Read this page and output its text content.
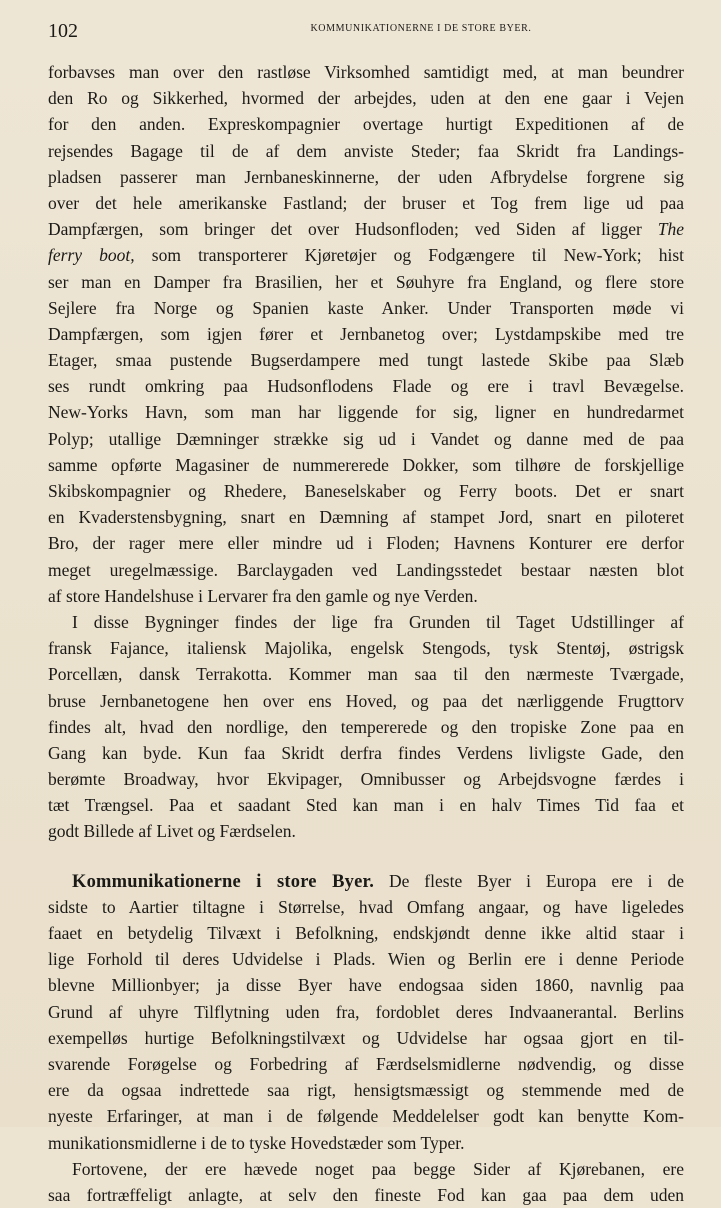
102	KOMMUNIKATIONERNE I DE STORE BYER.
forbavses man over den rastløse Virksomhed samtidigt med, at man beundrer
den Ro og Sikkerhed, hvormed der arbejdes, uden at den ene gaar i Vejen
for den anden. Expreskompagnier overtage hurtigt Expeditionen af de
rejsendes Bagage til de af dem anviste Steder; faa Skridt fra Landings-
pladsen passerer man Jernbaneskinnerne, der uden Afbrydelse forgrene sig
over det hele amerikanske Fastland; der bruser et Tog frem lige ud paa
Dampfærgen, som bringer det over Hudsonfloden; ved Siden af ligger The
ferry boot, som transporterer Kjøretøjer og Fodgængere til New-York; hist
ser man en Damper fra Brasilien, her et Søuhyre fra England, og flere store
Sejlere fra Norge og Spanien kaste Anker. Under Transporten møde vi
Dampfærgen, som igjen fører et Jernbanetog over; Lystdampskibe med tre
Etager, smaa pustende Bugserdampere med tungt lastede Skibe paa Slæb
ses rundt omkring paa Hudsonflodens Flade og ere i travl Bevægelse.
New-Yorks Havn, som man har liggende for sig, ligner en hundredarmet
Polyp; utallige Dæmninger strække sig ud i Vandet og danne med de paa
samme opførte Magasiner de nummererede Dokker, som tilhøre de forskjellige
Skibskompagnier og Rhedere, Baneselskaber og Ferry boots. Det er snart
en Kvaderstensbygning, snart en Dæmning af stampet Jord, snart en piloteret
Bro, der rager mere eller mindre ud i Floden; Havnens Konturer ere derfor
meget uregelmæssige. Barclaygaden ved Landingsstedet bestaar næsten blot
af store Handelshuse i Lervarer fra den gamle og nye Verden.
I disse Bygninger findes der lige fra Grunden til Taget Udstillinger af
fransk Fajance, italiensk Majolika, engelsk Stengods, tysk Stentøj, østrigsk
Porcellæn, dansk Terrakotta. Kommer man saa til den nærmeste Tværgade,
bruse Jernbanetogene hen over ens Hoved, og paa det nærliggende Frugttorv
findes alt, hvad den nordlige, den tempererede og den tropiske Zone paa en
Gang kan byde. Kun faa Skridt derfra findes Verdens livligste Gade, den
berømte Broadway, hvor Ekvipager, Omnibusser og Arbejdsvogne færdes i
tæt Trængsel. Paa et saadant Sted kan man i en halv Times Tid faa et
godt Billede af Livet og Færdselen.
Kommunikationerne i store Byer. De fleste Byer i Europa ere i de
sidste to Aartier tiltagne i Størrelse, hvad Omfang angaar, og have ligeledes
faaet en betydelig Tilvæxt i Befolkning, endskjøndt denne ikke altid staar i
lige Forhold til deres Udvidelse i Plads. Wien og Berlin ere i denne Periode
blevne Millionbyer; ja disse Byer have endogsaa siden 1860, navnlig paa
Grund af uhyre Tilflytning uden fra, fordoblet deres Indvaanerantal. Berlins
exempelløs hurtige Befolkningstilvæxt og Udvidelse har ogsaa gjort en til-
svarende Forøgelse og Forbedring af Færdselsmidlerne nødvendig, og disse
ere da ogsaa indrettede saa rigt, hensigtsmæssigt og stemmende med de
nyeste Erfaringer, at man i de følgende Meddelelser godt kan benytte Kom-
munikationsmidlerne i de to tyske Hovedstæder som Typer.
Fortovene, der ere hævede noget paa begge Sider af Kjørebanen, ere
saa fortræffeligt anlagte, at selv den fineste Fod kan gaa paa dem uden
